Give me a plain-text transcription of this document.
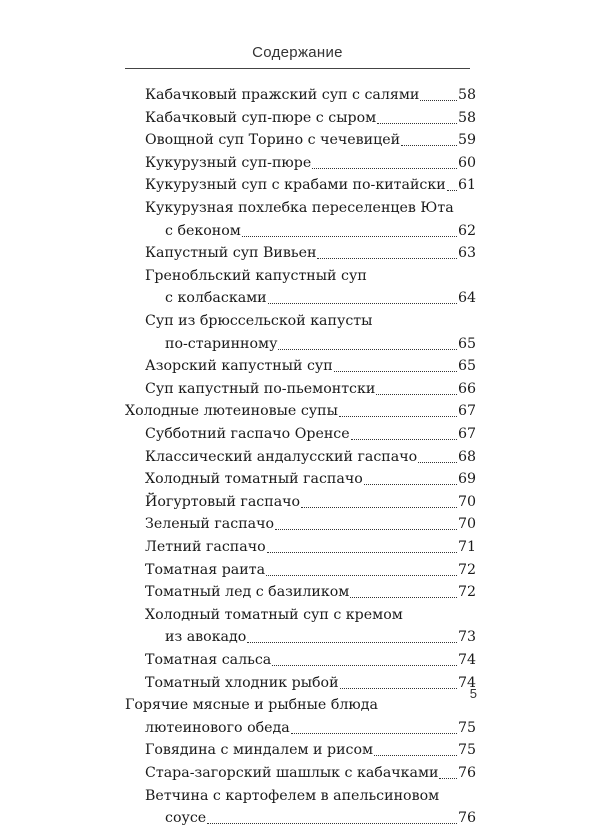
Содержание
Кабачковый пражский суп с салями	58
Кабачковый суп-пюре с сыром	58
Овощной суп Торино с чечевицей	59
Кукурузный суп-пюре	60
Кукурузный суп с крабами по-китайски 61
Кукурузная похлебка переселенцев Юта
с беконом	62
Капустный суп Вивьен	63
Гренобльский капустный суп
с колбасками	64
Суп из брюссельской капусты
по-старинному	65
Азорский капустный суп	65
Суп капустный по-пьемонтски	66
Холодные лютеиновые супы	67
Субботний гаспачо Оренсе	67
Классический андалусский гаспачо	68
Холодный томатный гаспачо	69
Йогуртовый гаспачо	70
Зеленый гаспачо	70
Летний гаспачо	71
Томатная раита	72
Томатный лед с базиликом	72
Холодный томатный суп с кремом
из авокадо	73
Томатная сальса	74
Томатный хлодник рыбой	74
Горячие мясные и рыбные блюда
лютеинового обеда	75
Говядина с миндалем и рисом	75
Стара-загорский шашлык с кабачками 76
Ветчина с картофелем в апельсиновом
соусе	76
5
